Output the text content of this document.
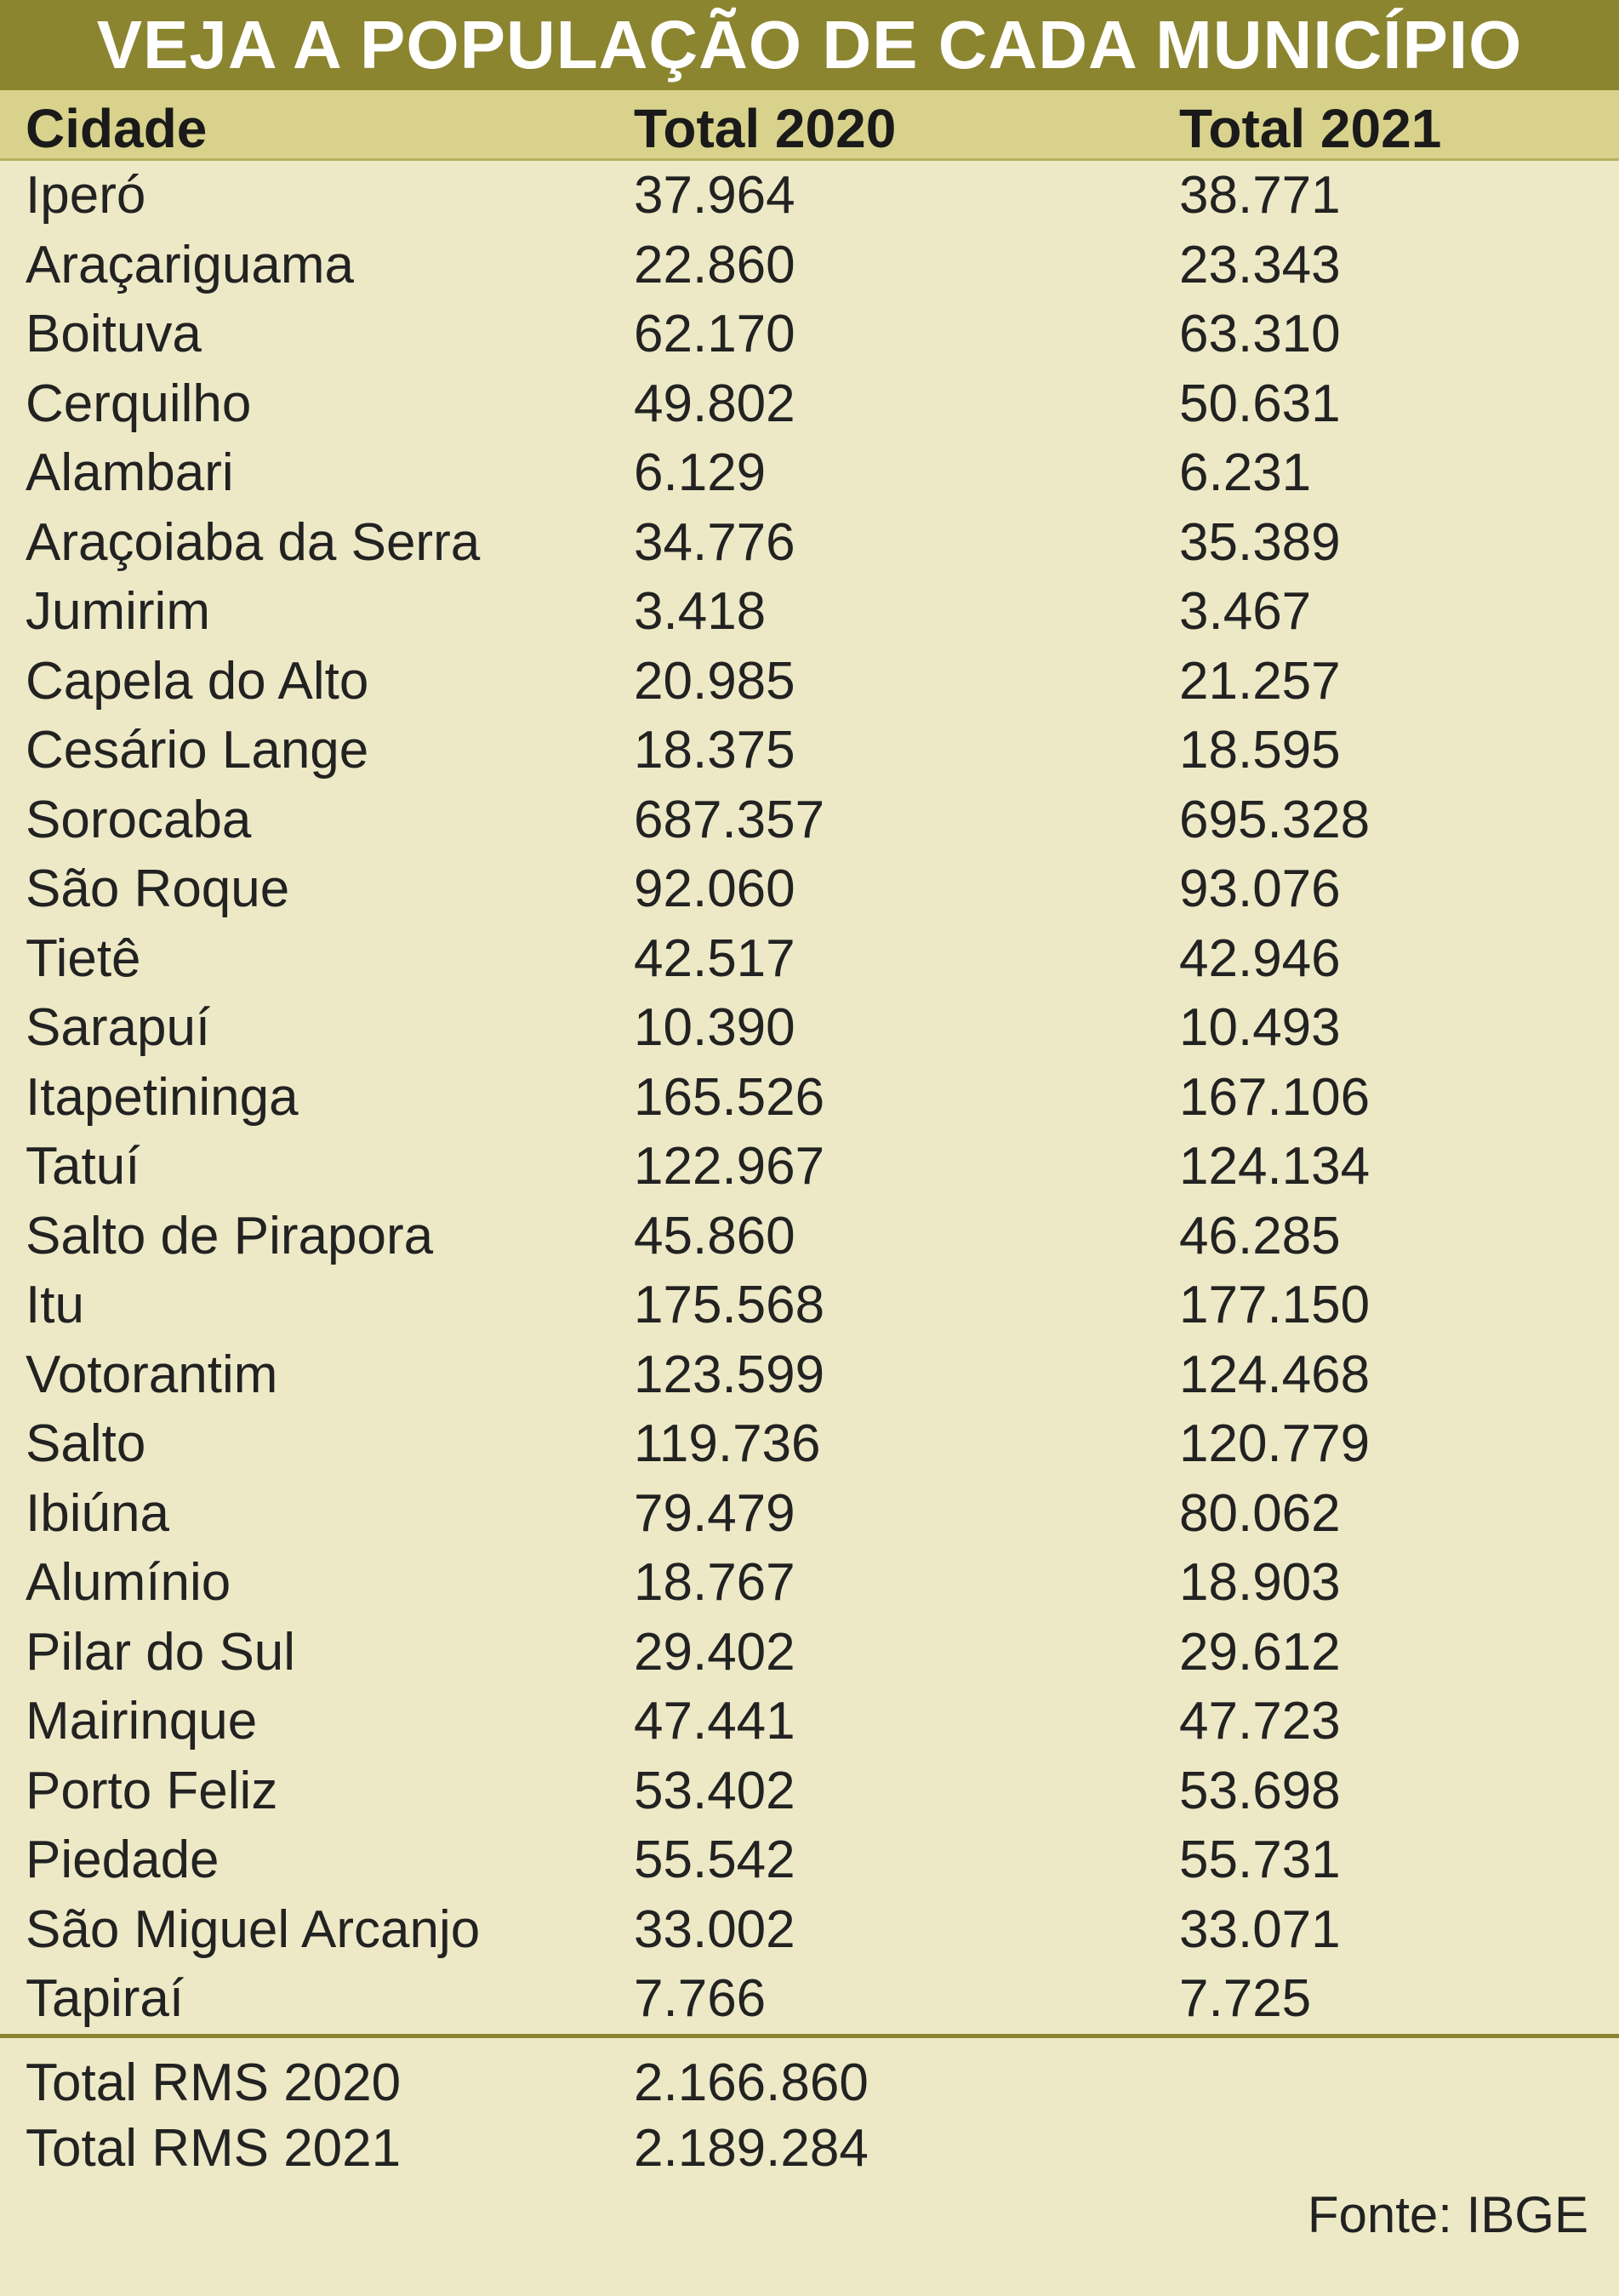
VEJA A POPULAÇÃO DE CADA MUNICÍPIO
Cidade	Total 2020	Total 2021
Iperó	37.964	38.771
Araçariguama	22.860	23.343
Boituva	62.170	63.310
Cerquilho	49.802	50.631
Alambari	6.129	6.231
Araçoiaba da Serra	34.776	35.389
Jumirim	3.418	3.467
Capela do Alto	20.985	21.257
Cesário Lange	18.375	18.595
Sorocaba	687.357	695.328
São Roque	92.060	93.076
Tietê	42.517	42.946
Sarapuí	10.390	10.493
Itapetininga	165.526	167.106
Tatuí	122.967	124.134
Salto de Pirapora	45.860	46.285
Itu	175.568	177.150
Votorantim	123.599	124.468
Salto	119.736	120.779
Ibiúna	79.479	80.062
Alumínio	18.767	18.903
Pilar do Sul	29.402	29.612
Mairinque	47.441	47.723
Porto Feliz	53.402	53.698
Piedade	55.542	55.731
São Miguel Arcanjo	33.002	33.071
Tapiraí	7.766	7.725
Total RMS 2020	2.166.860
Total RMS 2021	2.189.284
Fonte: IBGE
